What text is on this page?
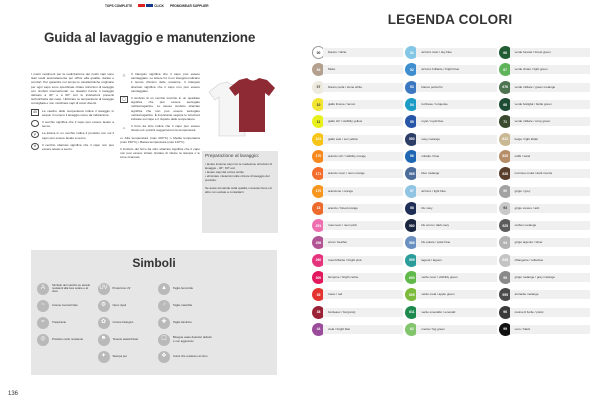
TOPS COMPLETE	CLICK PROMOWEAR SUPPLIER
Guida al lavaggio e manutenzione

I nostri vestiment per la realizzazione dei nostri capi sono stati scelti accuratamente per offrire alta qualità, durata e comfort. Per garantire nel tempo le caratteristiche originarie per ogni capo sono specificate chiare istruzioni di lavaggio con simboli internazionali. Le lavatrici hanno il lavaggio delicato a 40° e a 60° con le indicazioni presenti sull'etichetta del capo. Utilizzare la temperatura di lavaggio consigliata e non mischiare capi di colori diversi.

40	La vasche delle temperatura indica il lavaggio in acqua: il numero il lavaggio come da indicazione.
Il cerchio significa che il capo può essere lavato a secco.
P	La lettera in un cerchio indica il prodotto con cui il capo può essere lavato a secco.
✕	Il cerchio sbarrato significa che il capo non può essere lavato a secco.
△	Il triangolo significa che il capo può essere candeggiato. Le lettere CL in un triangolo indicano il tenuto chimico delle sostanze. Il triangolo sbarrato significa che il capo non può essere candeggiato.
◯	Il simbolo di un cerchio inscritto in un quadrato significa che può essere asciugato nell'asciugatrice. Lo stesso simbolo sbarrato significa che non può essere asciugato nell'asciugatrice. È importante seguire le istruzioni indicate sul capo e il rispetto delle temperature.
♨	Il ferro da stiro indica che il capo può essere stirato ed i puntini suggeriscono la temperatura.

••• Alta temperatura (max 200°C) •• Media temperatura (max 150°C) • Bassa temperatura (max 110°C)

Il simbolo del ferro da stiro sbarrato significa che il capo non può essere stirato. Evitare di stirare la stampa o le zone ricamate.	Preparazione al lavaggio:

• lavare insieme capi con le medesime istruzioni di lavaggio - 40°, 60° ecc.

• lavare capi del colore simile

• eliminare i detersivi sulle cinture di lavaggio del prodotto.

Se avete domande sulla qualità, manutenzione od altro non esitate a contattarci.

Simboli
A
Simbolo del marchio su tessuti resistenti alla luce solare e al cloro
UV	Protezione UV	▲	Taglio femminile
~	Cotone mercerizzato	⚙	Open dyed	♂	Taglio maschile
≈	Traspirante	✿	Cotone biologico	✚	Taglio bambino
◎	Prodotto molto resistente	⚑	Tessuto elasticizzato	☐	Bisogna usare detersivi delicati e non aggressivi
✦	Stampa per	❖	Colori che resistono al cloro
136
LEGENDA COLORI
00	bianco / white	51	azzurro cielo / sky blue	66	verde foresta / forest green
94	Moko	52	azzurro brillante / bright blue	67	verde chiaro / light green
07	bianco perla / stone white	53	bianco perla blu	676	verde militare / green melange
10	giallo limone / lemon	54	turchese / turquoise	68	verde bottiglia / bottle green
11	giallo HV / visibility yellow	55	royal / royal blue	71	verde militare / army green
101	giallo sole / sun yellow	550	navy melange	812	beige / light khaki
170	arancio HV / visibility orange	56	cobalto / blue	825	caffè / sand
171	arancio neon / neon orange	565	blue melange	828	marrone moka / dark mocca
170	arancione / orange	57	azzurro / light blue	90	grigio / grey
18	arancio / blood orange	58	blu navy	93	grigio cenere / ash
251	rosa neon / neon pink	580	blu scuro / dark navy	925	carbon melange
256	erica / heather	585	blu polare / polar blue	94	grigio argento / silver
260	rosa brillante / bright pink	599	laguna / lagoon	945	riflangente / reflective
300	lampone / bright cerise	600	verde neon / visibility green	95	grigio melange / grey melange
35	rosso / red	605	verde mela / apple green	955	antracite melange
38	bordeaux / burgundy	611	verde smeraldo / emerald	96	canna di fucile / pistol
44	viola / bright lilac	62	menta / fog green	99	nero / black
